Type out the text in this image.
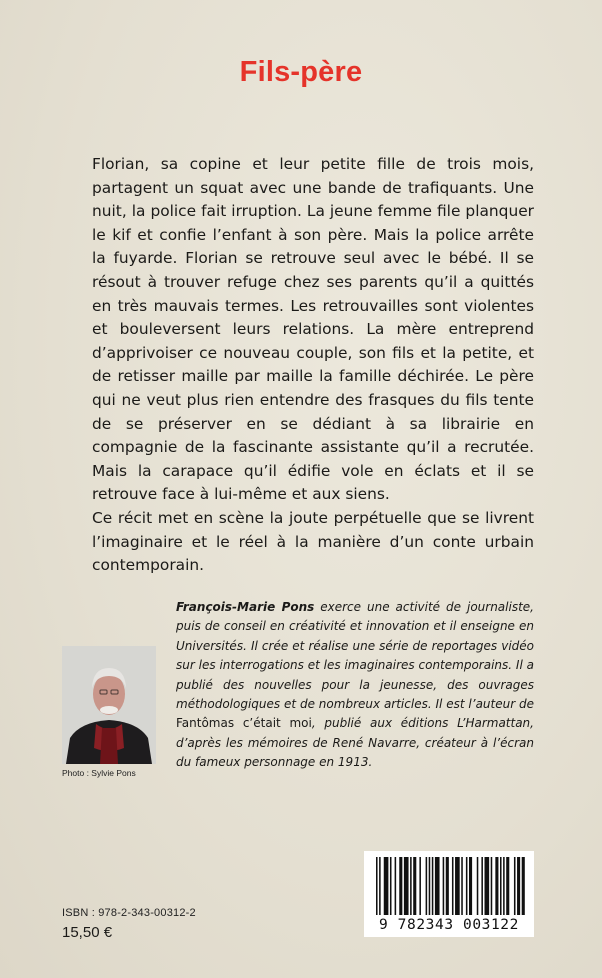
Fils-père

Florian, sa copine et leur petite fille de trois mois, partagent un squat avec une bande de trafiquants. Une nuit, la police fait irruption. La jeune femme file planquer le kif et confie l’enfant à son père. Mais la police arrête la fuyarde. Florian se retrouve seul avec le bébé. Il se résout à trouver refuge chez ses parents qu’il a quittés en très mauvais termes. Les retrouvailles sont violentes et bouleversent leurs relations. La mère entreprend d’apprivoiser ce nouveau couple, son fils et la petite, et de retisser maille par maille la famille déchirée. Le père qui ne veut plus rien entendre des frasques du fils tente de se préserver en se dédiant à sa librairie en compagnie de la fascinante assistante qu’il a recrutée. Mais la carapace qu’il édifie vole en éclats et il se retrouve face à lui-même et aux siens.

Ce récit met en scène la joute perpétuelle que se livrent l’imaginaire et le réel à la manière d’un conte urbain contemporain.

François-Marie Pons exerce une activité de journaliste, puis de conseil en créativité et innovation et il enseigne en Universités. Il crée et réalise une série de reportages vidéo sur les interrogations et les imaginaires contemporains. Il a publié des nouvelles pour la jeunesse, des ouvrages méthodologiques et de nombreux articles. Il est l’auteur de Fantômas c’était moi, publié aux éditions L’Harmattan, d’après les mémoires de René Navarre, créateur à l’écran du fameux personnage en 1913.
Photo : Sylvie Pons
ISBN : 978-2-343-00312-2
15,50 €	9 782343 003122
